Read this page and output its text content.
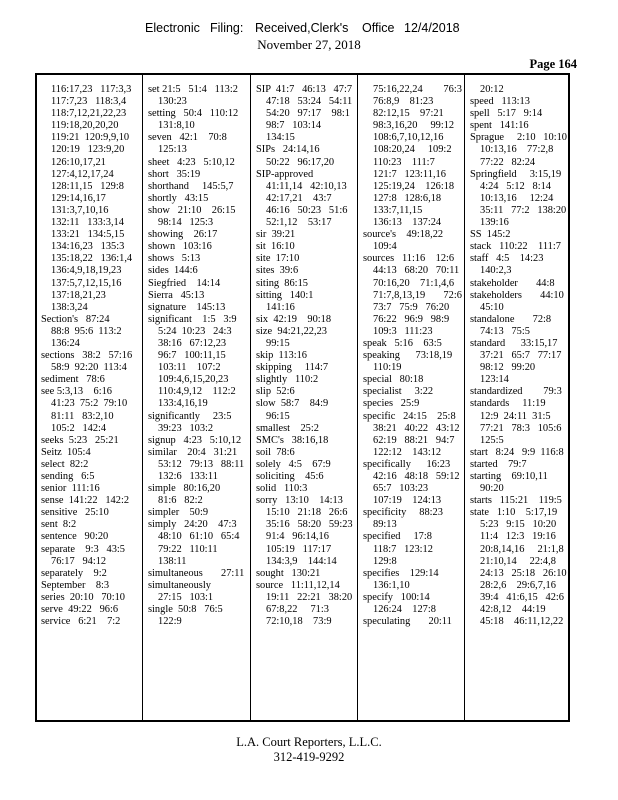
Electronic

Filing:

Received,Clerk's

Office

12/4/2018

November 27, 2018
Page 164
116:17,23   117:3,3
117:7,23   118:3,4
118:7,12,21,22,23
119:18,20,20,20
119:21  120:9,9,10
120:19   123:9,20
126:10,17,21
127:4,12,17,24
128:11,15   129:8
129:14,16,17
131:3,7,10,16
132:11   133:3,14
133:21   134:5,15
134:16,23   135:3
135:18,22   136:1,4
136:4,9,18,19,23
137:5,7,12,15,16
137:18,21,23
138:3,24
Section's   87:24
88:8  95:6  113:2
136:24
sections   38:2   57:16
58:9  92:20  113:4
sediment   78:6
see 5:3,13    6:16
41:23  75:2  79:10
81:11   83:2,10
105:2   142:4
seeks  5:23   25:21
Seitz  105:4
select  82:2
sending   6:5
senior  111:16
sense  141:22   142:2
sensitive   25:10
sent  8:2
sentence   90:20
separate    9:3   43:5
76:17   94:12
separately    9:2
September    8:3
series  20:10   70:10
serve  49:22   96:6
service   6:21    7:2
set 21:5   51:4   113:2
130:23
setting   50:4   110:12
131:8,10
seven   42:1    70:8
125:13
sheet   4:23   5:10,12
short   35:19
shorthand     145:5,7
shortly   43:15
show   21:10    26:15
98:14   125:3
showing    26:17
shown   103:16
shows   5:13
sides  144:6
Siegfried    14:14
Sierra   45:13
signature    145:13
significant    1:5   3:9
5:24  10:23   24:3
38:16   67:12,23
96:7   100:11,15
103:11    107:2
109:4,6,15,20,23
110:4,9,12    112:2
133:4,16,19
significantly     23:5
39:23   103:2
signup   4:23   5:10,12
similar    20:4   31:21
53:12   79:13   88:11
132:6   133:11
simple   80:16,20
81:6   82:2
simpler    50:9
simply   24:20    47:3
48:10   61:10   65:4
79:22   110:11
138:11
simultaneous       27:11
simultaneously
27:15   103:1
single  50:8   76:5
122:9
SIP  41:7   46:13   47:7
47:18   53:24   54:11
54:20   97:17    98:1
98:7   103:14
134:15
SIPs   24:14,16
50:22   96:17,20
SIP-approved
41:11,14   42:10,13
42:17,21    43:7
46:16   50:23   51:6
52:1,12    53:17
sir  39:21
sit  16:10
site  17:10
sites  39:6
siting  86:15
sitting   140:1
141:16
six  42:19    90:18
size  94:21,22,23
99:15
skip  113:16
skipping     114:7
slightly   110:2
slip  52:6
slow  58:7    84:9
96:15
smallest    25:2
SMC's   38:16,18
soil  78:6
solely   4:5    67:9
soliciting    45:6
solid   110:3
sorry   13:10    14:13
15:10   21:18   26:6
35:16   58:20   59:23
91:4   96:14,16
105:19   117:17
134:3,9    144:14
sought   130:21
source   11:11,12,14
19:11   22:21   38:20
67:8,22     71:3
72:10,18    73:9
75:16,22,24        76:3
76:8,9    81:23
82:12,15    97:21
98:3,16,20     99:12
108:6,7,10,12,16
108:20,24     109:2
110:23    111:7
121:7   123:11,16
125:19,24    126:18
127:8   128:6,18
133:7,11,15
136:13    137:24
source's    49:18,22
109:4
sources   11:16    12:6
44:13   68:20   70:11
70:16,20    71:1,4,6
71:7,8,13,19       72:6
73:7   75:9   76:20
76:22   96:9   98:9
109:3   111:23
speak   5:16    63:5
speaking      73:18,19
110:19
special   80:18
specialist     3:22
species   25:9
specific   24:15    25:8
38:21   40:22   43:12
62:19   88:21   94:7
122:12    143:12
specifically      16:23
42:16   48:18   59:12
65:7   103:23
107:19    124:13
specificity     88:23
89:13
specified     17:8
118:7   123:12
129:8
specifies    129:14
136:1,10
specify   100:14
126:24    127:8
speculating       20:11
20:12
speed   113:13
spell   5:17   9:14
spent   141:16
Sprague     2:10   10:10
10:13,16    77:2,8
77:22   82:24
Springfield     3:15,19
4:24   5:12   8:14
10:13,16     12:24
35:11   77:2   138:20
139:16
SS  145:2
stack   110:22    111:7
staff   4:5    14:23
140:2,3
stakeholder       44:8
stakeholders       44:10
45:10
standalone       72:8
74:13   75:5
standard      33:15,17
37:21   65:7   77:17
98:12   99:20
123:14
standardized        79:3
standards     11:19
12:9  24:11  31:5
77:21   78:3   105:6
125:5
start   8:24   9:9  116:8
started    79:7
starting    69:10,11
90:20
starts   115:21    119:5
state   1:10    5:17,19
5:23   9:15   10:20
11:4   12:3   19:16
20:8,14,16     21:1,8
21:10,14     22:4,8
24:13   25:18   26:10
28:2,6    29:6,7,16
39:4   41:6,15   42:6
42:8,12    44:19
45:18    46:11,12,22
L.A. Court Reporters, L.L.C.
312-419-9292
